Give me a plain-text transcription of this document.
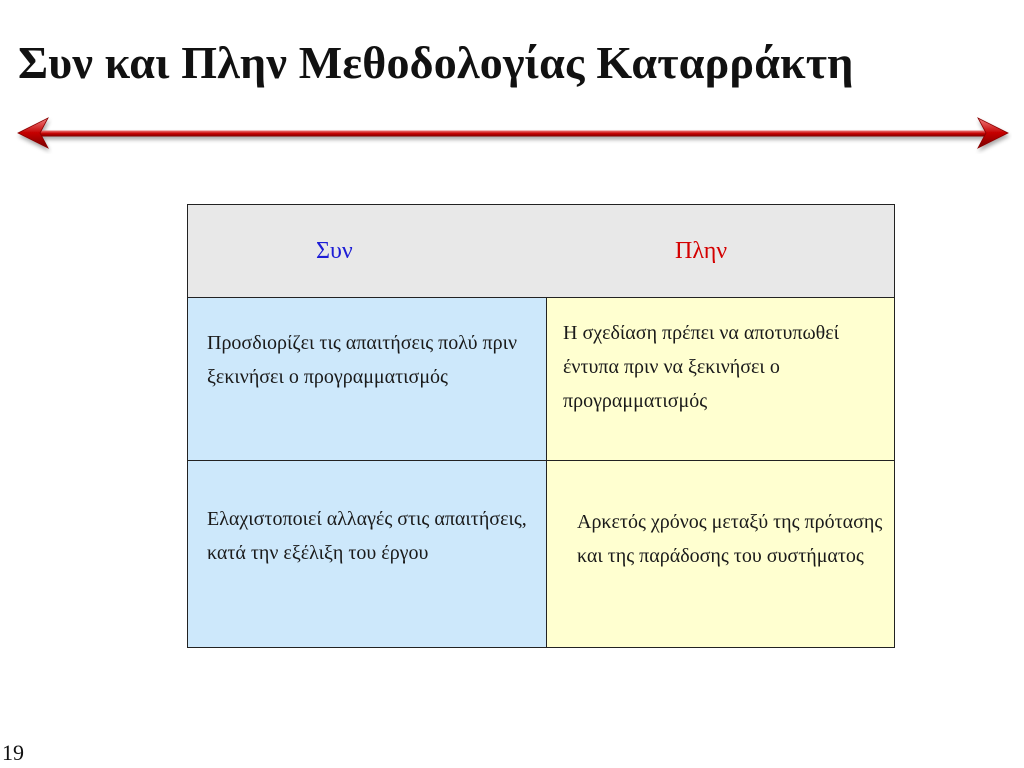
Συν και Πλην Μεθοδολογίας Καταρράκτη
Συν	Πλην
Προσδιορίζει τις απαιτήσεις πολύ πριν ξεκινήσει ο προγραμματισμός
Η σχεδίαση πρέπει να αποτυπωθεί έντυπα πριν να ξεκινήσει ο προγραμματισμός
Ελαχιστοποιεί αλλαγές στις απαιτήσεις, κατά την εξέλιξη του έργου
Αρκετός χρόνος μεταξύ της πρότασης και της παράδοσης του συστήματος
19
